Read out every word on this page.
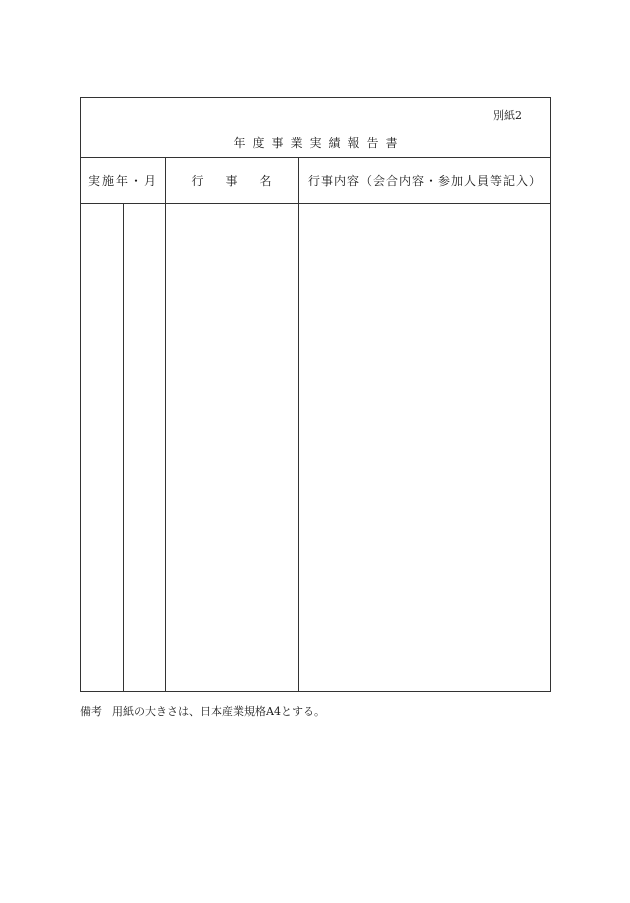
別紙2
年度事業実績報告書
実施年・月	行事名	行事内容（会合内容・参加人員等記入）
備考 用紙の大きさは、日本産業規格A4とする。
